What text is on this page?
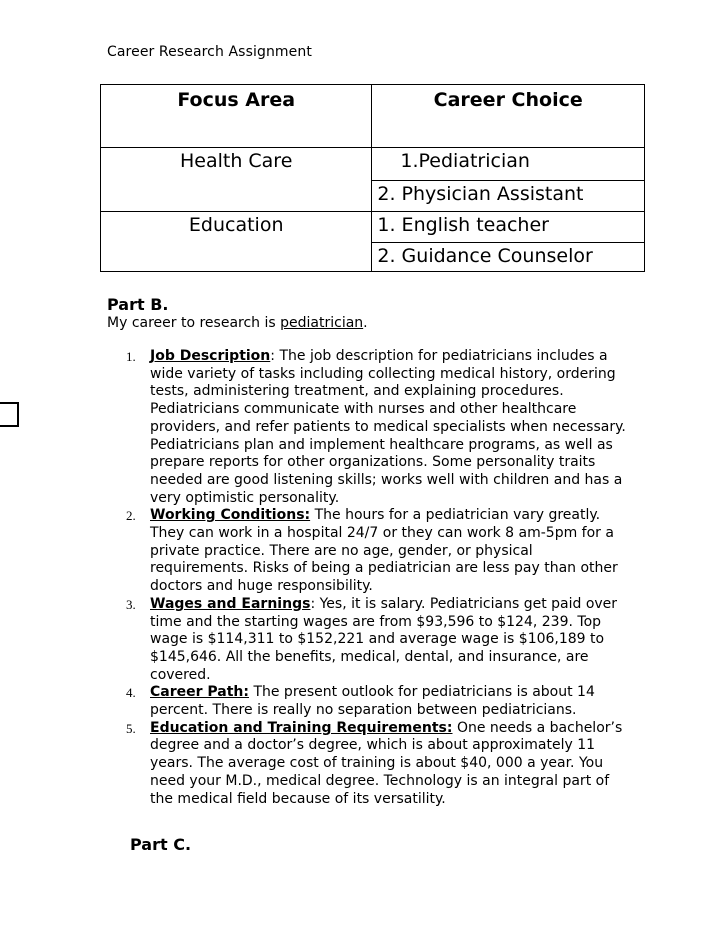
Career Research Assignment
Focus Area	Career Choice

Health Care	1.Pediatrician

	2. Physician Assistant

Education	1. English teacher

	2. Guidance Counselor
Part B.
My career to research is pediatrician.
1. Job Description: The job description for pediatricians includes a wide variety of tasks including collecting medical history, ordering tests, administering treatment, and explaining procedures. Pediatricians communicate with nurses and other healthcare providers, and refer patients to medical specialists when necessary. Pediatricians plan and implement healthcare programs, as well as prepare reports for other organizations. Some personality traits needed are good listening skills; works well with children and has a very optimistic personality.
2. Working Conditions: The hours for a pediatrician vary greatly. They can work in a hospital 24/7 or they can work 8 am-5pm for a private practice. There are no age, gender, or physical requirements. Risks of being a pediatrician are less pay than other doctors and huge responsibility.
3. Wages and Earnings: Yes, it is salary. Pediatricians get paid over time and the starting wages are from $93,596 to $124, 239. Top wage is $114,311 to $152,221 and average wage is $106,189 to $145,646. All the benefits, medical, dental, and insurance, are covered.
4. Career Path: The present outlook for pediatricians is about 14 percent. There is really no separation between pediatricians.
5. Education and Training Requirements: One needs a bachelor’s degree and a doctor’s degree, which is about approximately 11 years. The average cost of training is about $40, 000 a year. You need your M.D., medical degree. Technology is an integral part of the medical field because of its versatility.
Part C.
